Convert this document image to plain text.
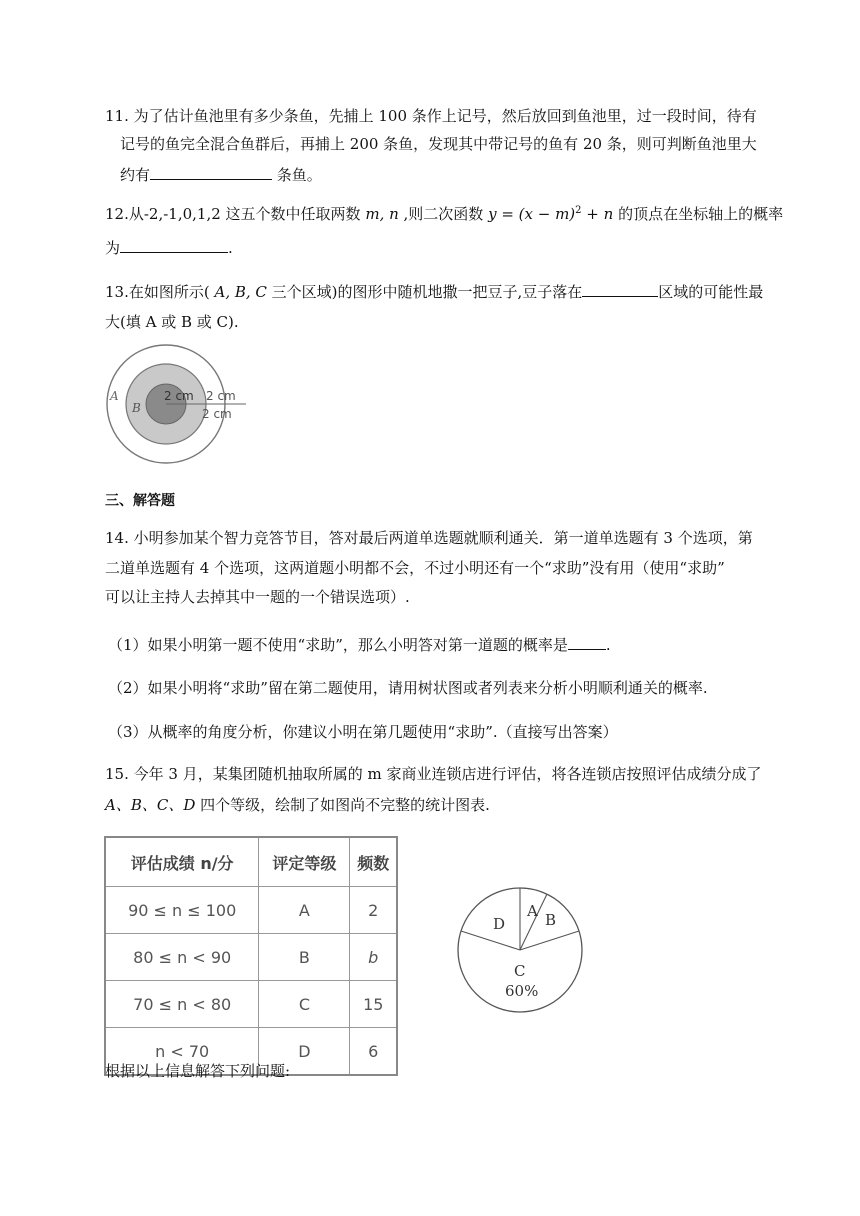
11. 为了估计鱼池里有多少条鱼，先捕上 100 条作上记号，然后放回到鱼池里，过一段时间，待有
记号的鱼完全混合鱼群后，再捕上 200 条鱼，发现其中带记号的鱼有 20 条，则可判断鱼池里大
约有	条鱼。
12.从-2,-1,0,1,2 这五个数中任取两数 m, n ,则二次函数 $y = (x - m)^2 + n$ 的顶点在坐标轴上的概率
为	.
13.在如图所示( A, B, C 三个区域)的图形中随机地撒一把豆子,豆子落在	区域的可能性最
大(填 A 或 B 或 C).
A
B
2 cm 2 cm
2 cm
三、解答题
14. 小明参加某个智力竞答节目，答对最后两道单选题就顺利通关．第一道单选题有 3 个选项，第
二道单选题有 4 个选项，这两道题小明都不会，不过小明还有一个“求助”没有用（使用“求助”
可以让主持人去掉其中一题的一个错误选项）.
（1）如果小明第一题不使用“求助”，那么小明答对第一道题的概率是	.
（2）如果小明将“求助”留在第二题使用，请用树状图或者列表来分析小明顺利通关的概率.
（3）从概率的角度分析，你建议小明在第几题使用“求助”.（直接写出答案）
15. 今年 3 月，某集团随机抽取所属的 m 家商业连锁店进行评估，将各连锁店按照评估成绩分成了
A、B、C、D 四个等级，绘制了如图尚不完整的统计图表.
评估成绩 n/分	评定等级	频数
90 ≤ n ≤ 100	A	2
80 ≤ n < 90	B	b
70 ≤ n < 80	C	15
n < 70	D	6
A B
D
C
60%
根据以上信息解答下列问题:
